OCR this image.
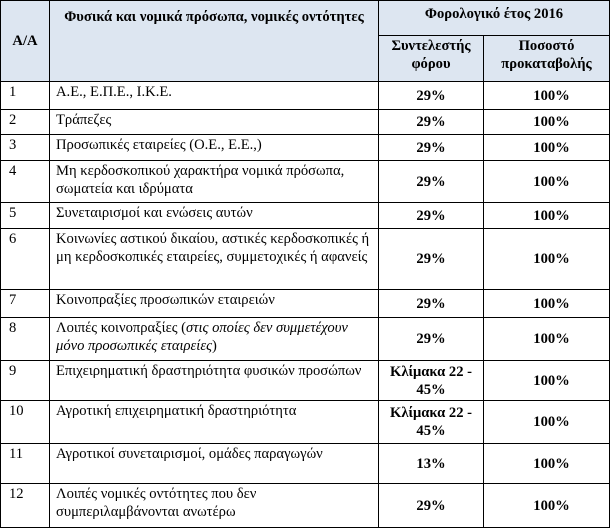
Α/Α	Φυσικά και νομικά πρόσωπα, νομικές οντότητες	Φορολογικό έτος 2016	
		Συντελεστής φόρου	Ποσοστό προκαταβολής
1	Α.Ε., Ε.Π.Ε., Ι.Κ.Ε.	29%	100%
2	Τράπεζες	29%	100%
3	Προσωπικές εταιρείες (Ο.Ε., Ε.Ε.,)	29%	100%
4	Μη κερδοσκοπικού χαρακτήρα νομικά πρόσωπα, σωματεία και ιδρύματα	29%	100%
5	Συνεταιρισμοί και ενώσεις αυτών	29%	100%
6	Κοινωνίες αστικού δικαίου, αστικές κερδοσκοπικές ή μη κερδοσκοπικές εταιρείες, συμμετοχικές ή αφανείς	29%	100%
7	Κοινοπραξίες προσωπικών εταιρειών	29%	100%
8	Λοιπές κοινοπραξίες (στις οποίες δεν συμμετέχουν μόνο προσωπικές εταιρείες)	29%	100%
9	Επιχειρηματική δραστηριότητα φυσικών προσώπων	Κλίμακα 22 - 45%	100%
10	Αγροτική επιχειρηματική δραστηριότητα	Κλίμακα 22 - 45%	100%
11	Αγροτικοί συνεταιρισμοί, ομάδες παραγωγών	13%	100%
12	Λοιπές νομικές οντότητες που δεν συμπεριλαμβάνονται ανωτέρω	29%	100%
